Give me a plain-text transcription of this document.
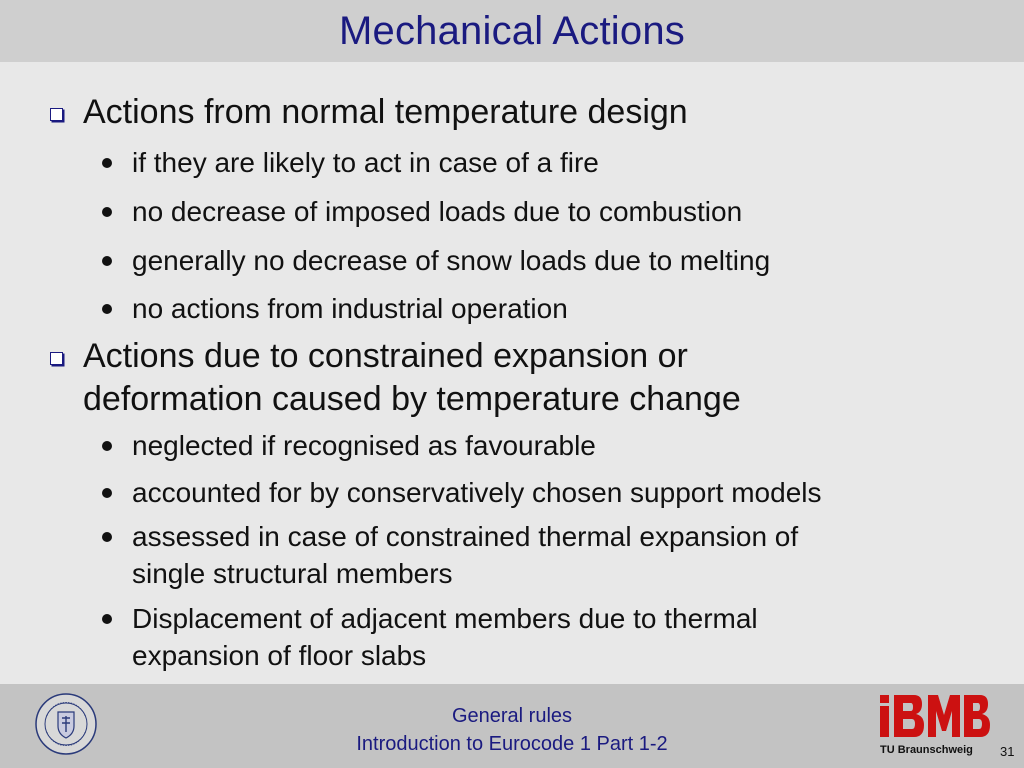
Mechanical Actions
Actions from normal temperature design
if they are likely to act in case of a fire
no decrease of imposed loads due to combustion
generally no decrease of snow loads due to melting
no actions from industrial operation
Actions due to constrained expansion or
deformation caused by temperature change
neglected if recognised as favourable
accounted for by conservatively chosen support models
assessed in case of constrained thermal expansion of
single structural members
Displacement of adjacent members due to thermal
expansion of floor slabs
General rules
Introduction to Eurocode 1 Part 1-2	TU Braunschweig 31
